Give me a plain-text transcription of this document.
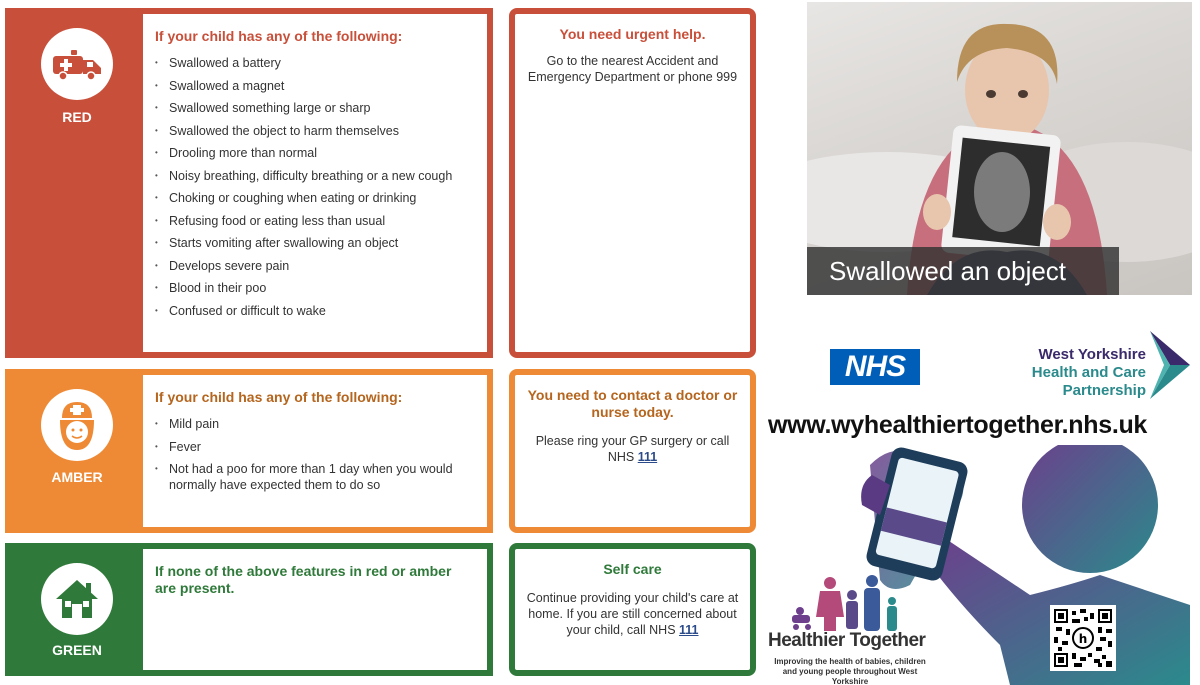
RED
If your child has any of the following:
• Swallowed a battery
• Swallowed a magnet
• Swallowed something large or sharp
• Swallowed the object to harm themselves
• Drooling more than normal
• Noisy breathing, difficulty breathing or a new cough
• Choking or coughing when eating or drinking
• Refusing food or eating less than usual
• Starts vomiting after swallowing an object
• Develops severe pain
• Blood in their poo
• Confused or difficult to wake
You need urgent help.

Go to the nearest Accident and Emergency Department or phone 999

AMBER
If your child has any of the following:
• Mild pain
• Fever
• Not had a poo for more than 1 day when you would normally have expected them to do so
You need to contact a doctor or nurse today.

Please ring your GP surgery or call NHS 111

GREEN
If none of the above features in red or amber are present.
Self care

Continue providing your child's care at home. If you are still concerned about your child, call NHS 111

Swallowed an object
NHS	West Yorkshire
Health and Care Partnership
www.wyhealthiertogether.nhs.uk
Healthier Together
Improving the health of babies, children and young people throughout West Yorkshire
h
